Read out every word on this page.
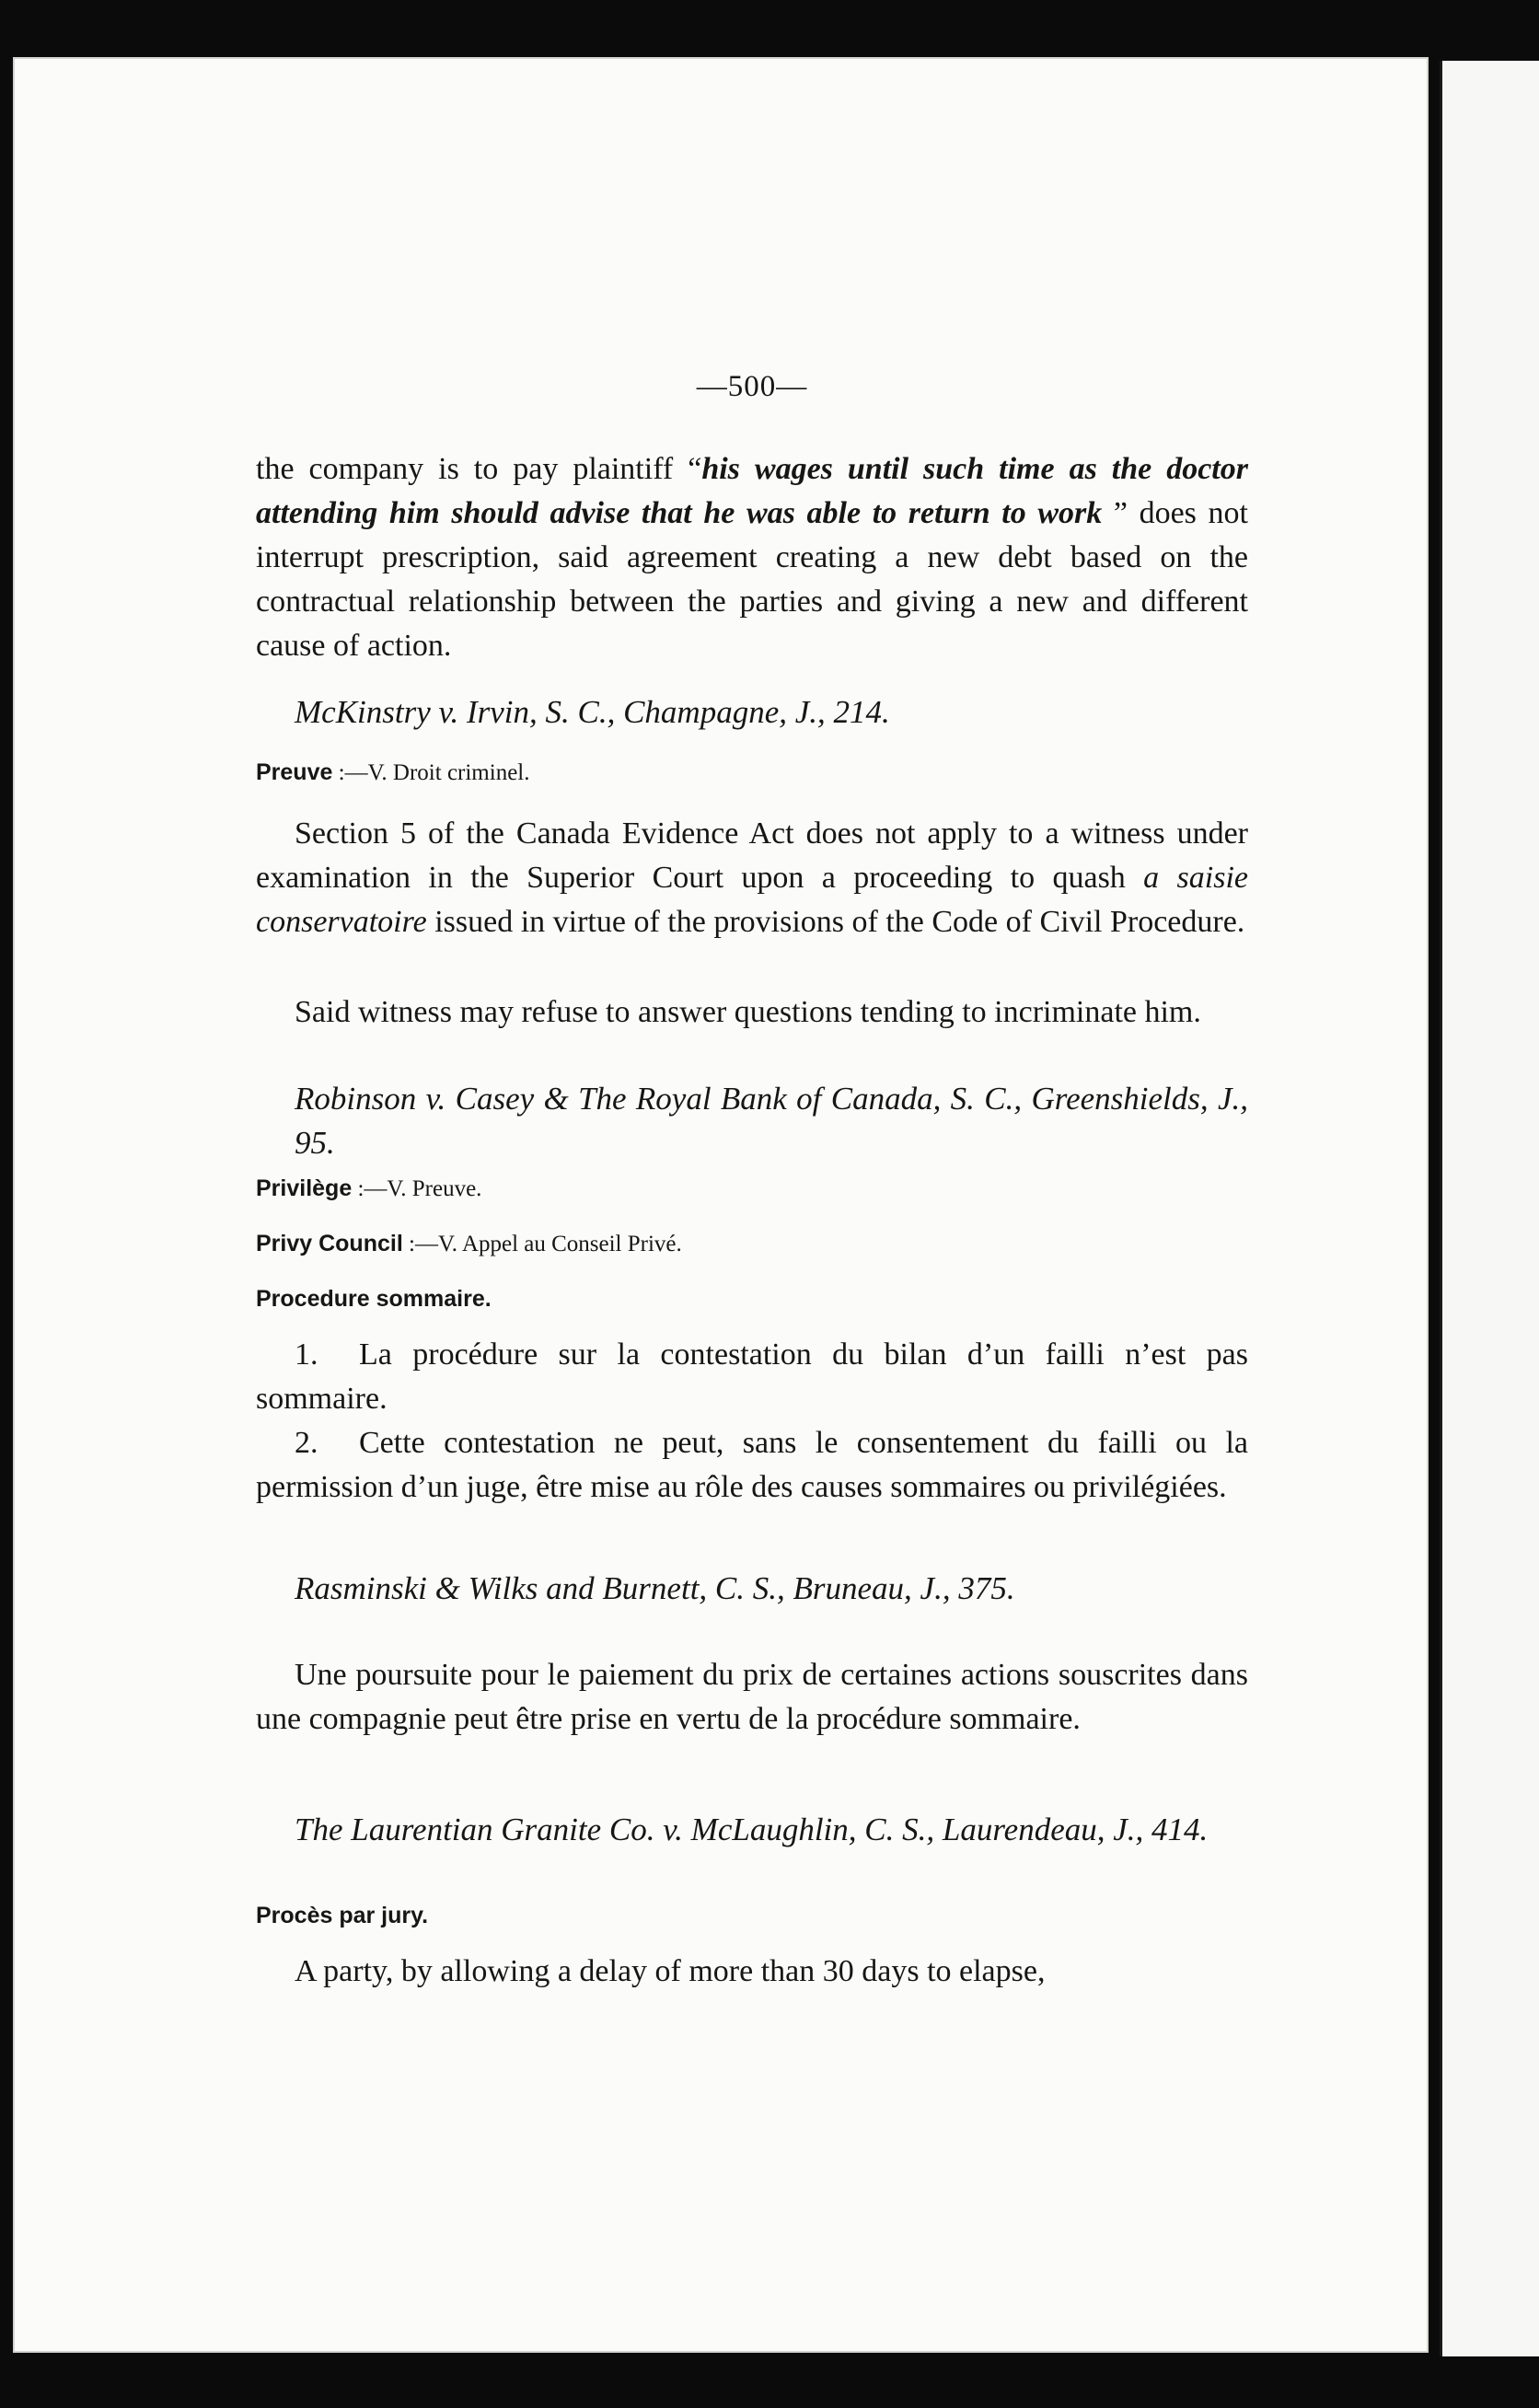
—500—

the company is to pay plaintiff “his wages until such time as the doctor attending him should advise that he was able to return to work ” does not interrupt prescription, said agreement creating a new debt based on the contractual relationship between the parties and giving a new and different cause of action.

McKinstry v. Irvin, S. C., Champagne, J., 214.

Preuve :—V. Droit criminel.

Section 5 of the Canada Evidence Act does not apply to a witness under examination in the Superior Court upon a proceeding to quash a saisie conservatoire issued in virtue of the provisions of the Code of Civil Procedure.

Said witness may refuse to answer questions tending to incriminate him.

Robinson v. Casey & The Royal Bank of Canada, S. C., Greenshields, J., 95.

Privilège :—V. Preuve.

Privy Council :—V. Appel au Conseil Privé.

Procedure sommaire.

1. La procédure sur la contestation du bilan d’un failli n’est pas sommaire.

2. Cette contestation ne peut, sans le consentement du failli ou la permission d’un juge, être mise au rôle des causes sommaires ou privilégiées.

Rasminski & Wilks and Burnett, C. S., Bruneau, J., 375.

Une poursuite pour le paiement du prix de certaines actions souscrites dans une compagnie peut être prise en vertu de la procédure sommaire.

The Laurentian Granite Co. v. McLaughlin, C. S., Laurendeau, J., 414.

Procès par jury.

A party, by allowing a delay of more than 30 days to elapse,
